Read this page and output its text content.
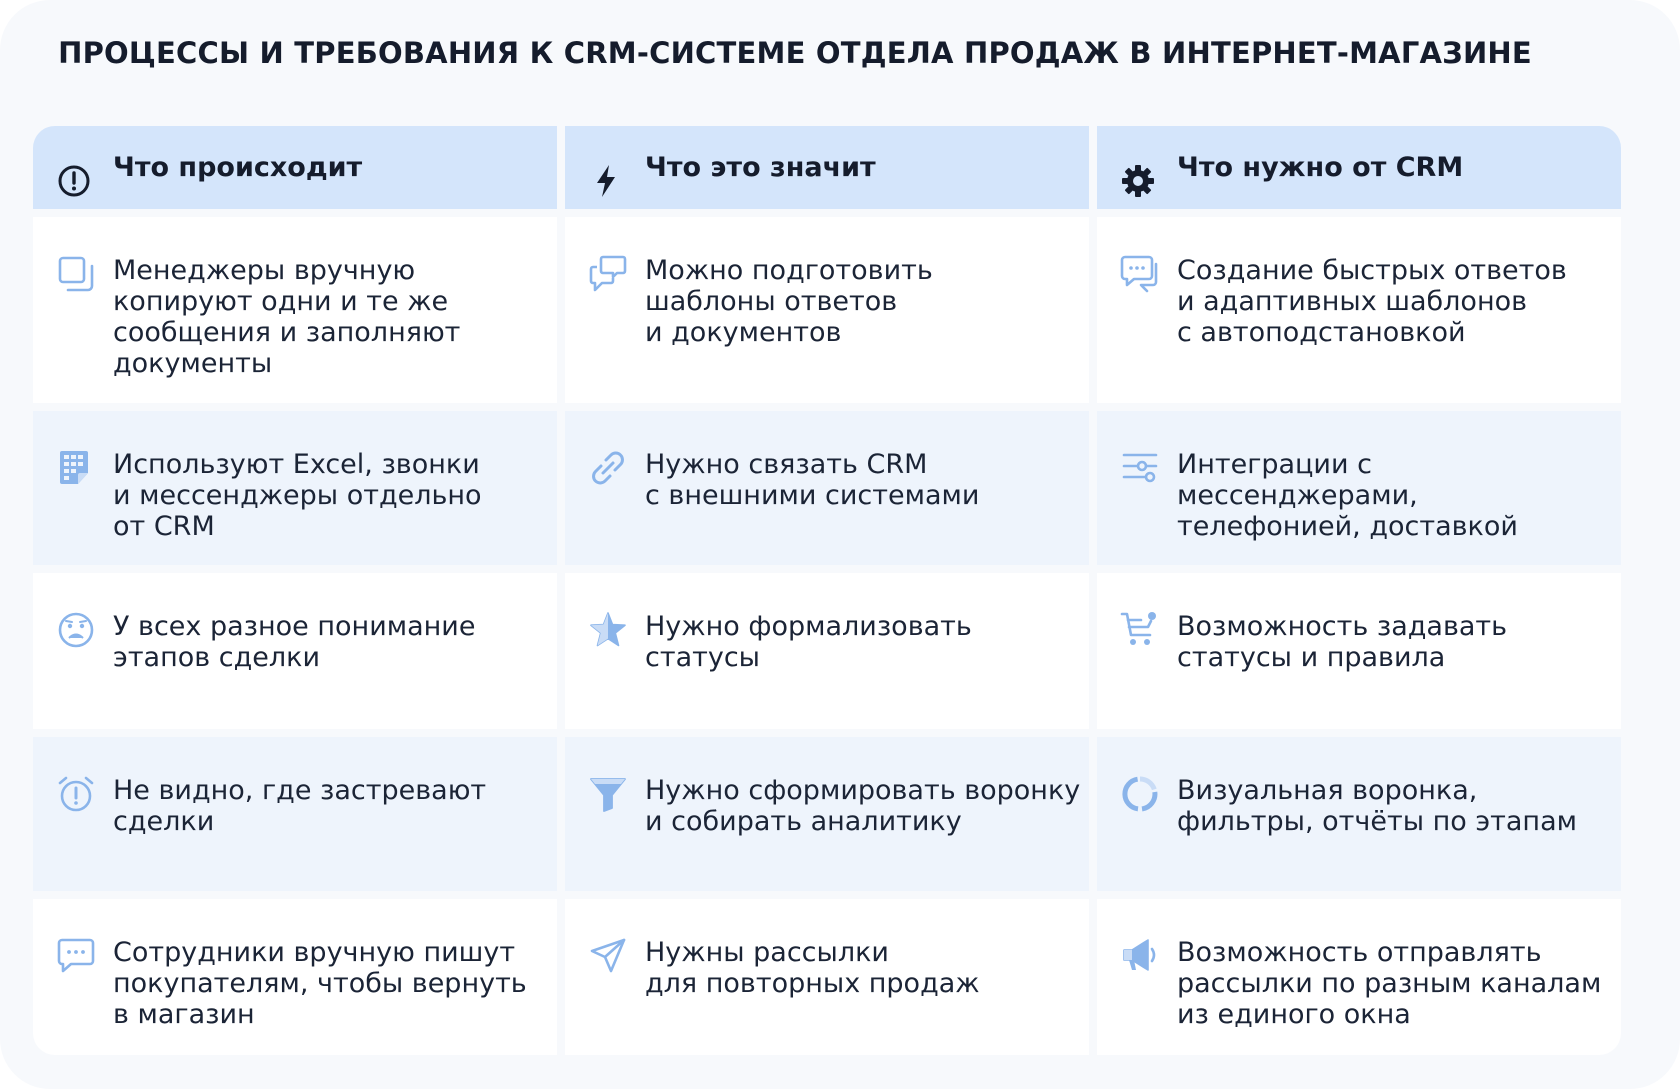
ПРОЦЕССЫ И ТРЕБОВАНИЯ К CRM-СИСТЕМЕ ОТДЕЛА ПРОДАЖ В ИНТЕРНЕТ-МАГАЗИНЕ
Что происходит	Что это значит	Что нужно от CRM
Менеджеры вручную
копируют одни и те же
сообщения и заполняют
документы
Можно подготовить
шаблоны ответов
и документов
Создание быстрых ответов
и адаптивных шаблонов
с автоподстановкой
Используют Excel, звонки
и мессенджеры отдельно
от CRM
Нужно связать CRM
с внешними системами
Интеграции с мессенджерами,
телефонией, доставкой
У всех разное понимание
этапов сделки
Нужно формализовать
статусы
Возможность задавать
статусы и правила
Не видно, где застревают
сделки
Нужно сформировать воронку
и собирать аналитику
Визуальная воронка,
фильтры, отчёты по этапам
Сотрудники вручную пишут
покупателям, чтобы вернуть
в магазин
Нужны рассылки
для повторных продаж
Возможность отправлять
рассылки по разным каналам
из единого окна
